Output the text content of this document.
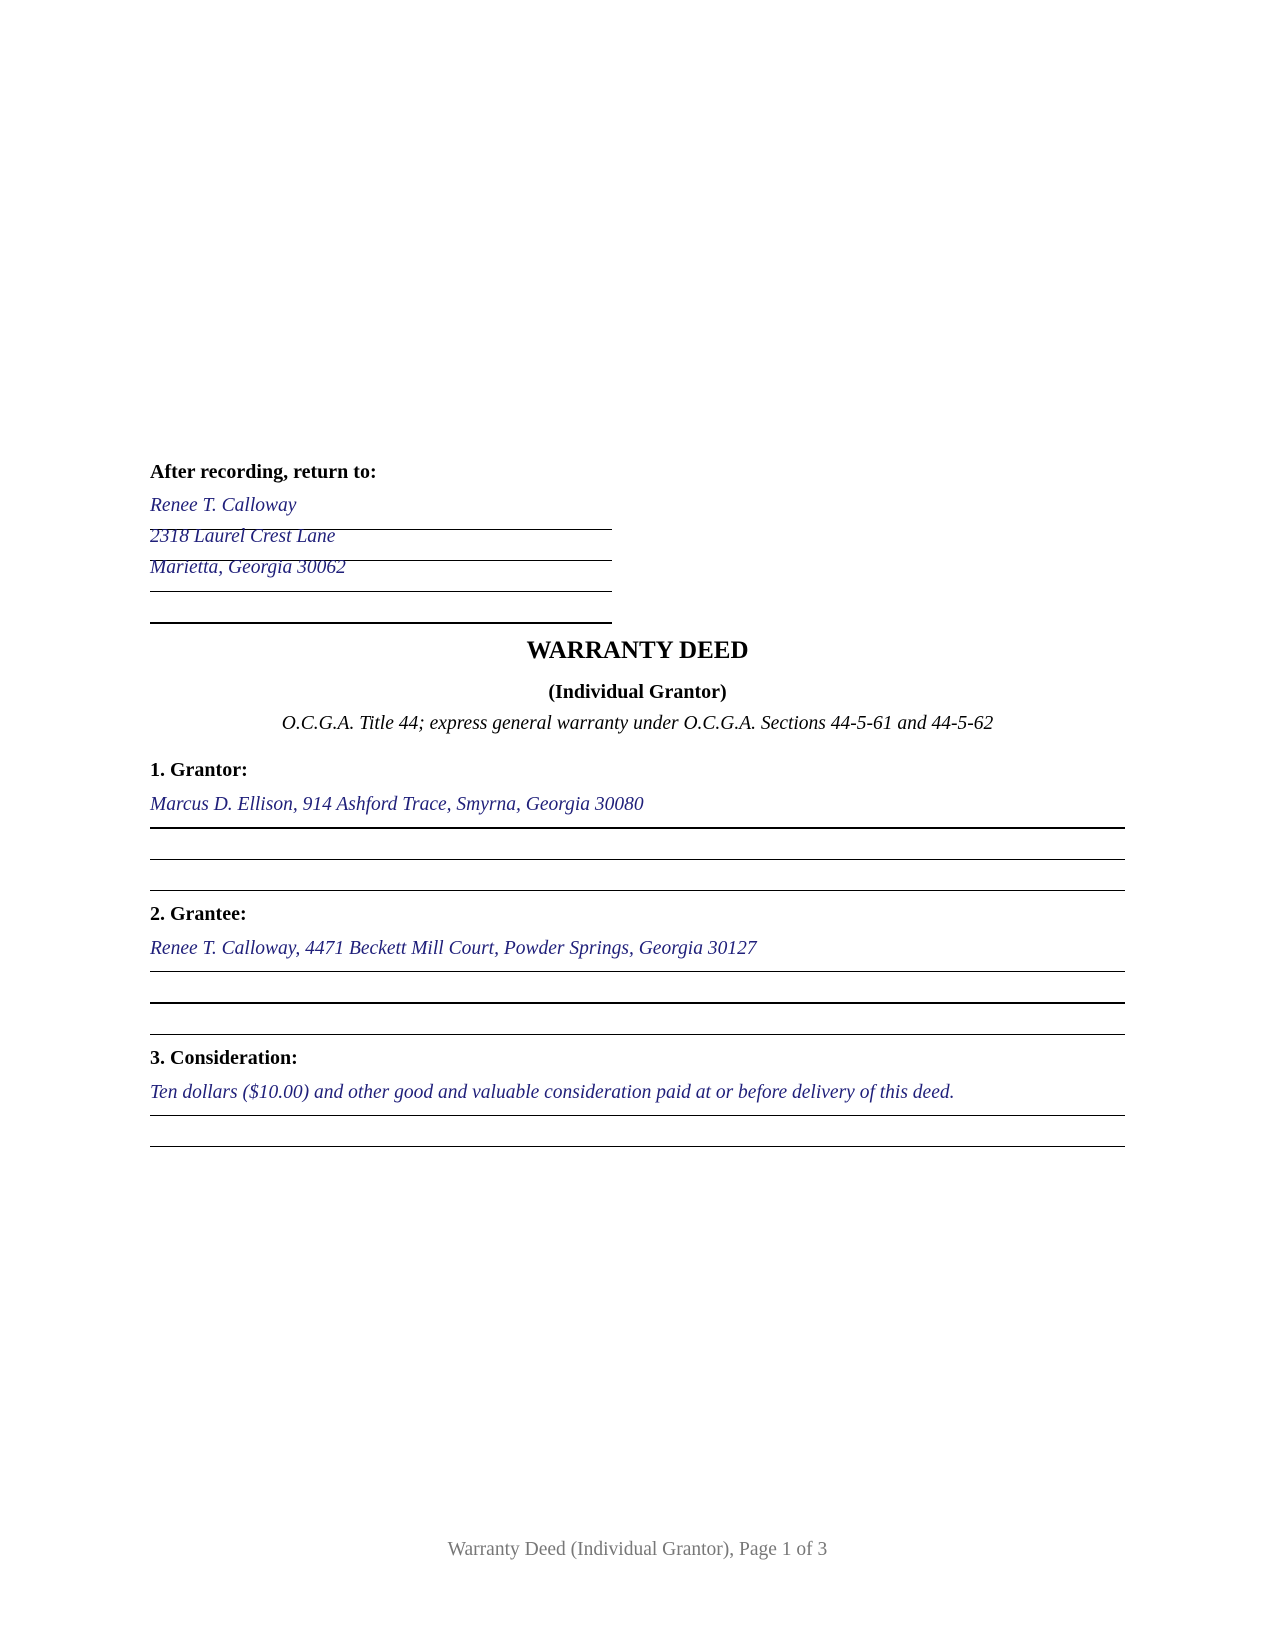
After recording, return to:
Renee T. Calloway
2318 Laurel Crest Lane
Marietta, Georgia 30062
WARRANTY DEED
(Individual Grantor)
O.C.G.A. Title 44; express general warranty under O.C.G.A. Sections 44-5-61 and 44-5-62
1. Grantor:
Marcus D. Ellison, 914 Ashford Trace, Smyrna, Georgia 30080
2. Grantee:
Renee T. Calloway, 4471 Beckett Mill Court, Powder Springs, Georgia 30127
3. Consideration:
Ten dollars ($10.00) and other good and valuable consideration paid at or before delivery of this deed.
Warranty Deed (Individual Grantor), Page 1 of 3
